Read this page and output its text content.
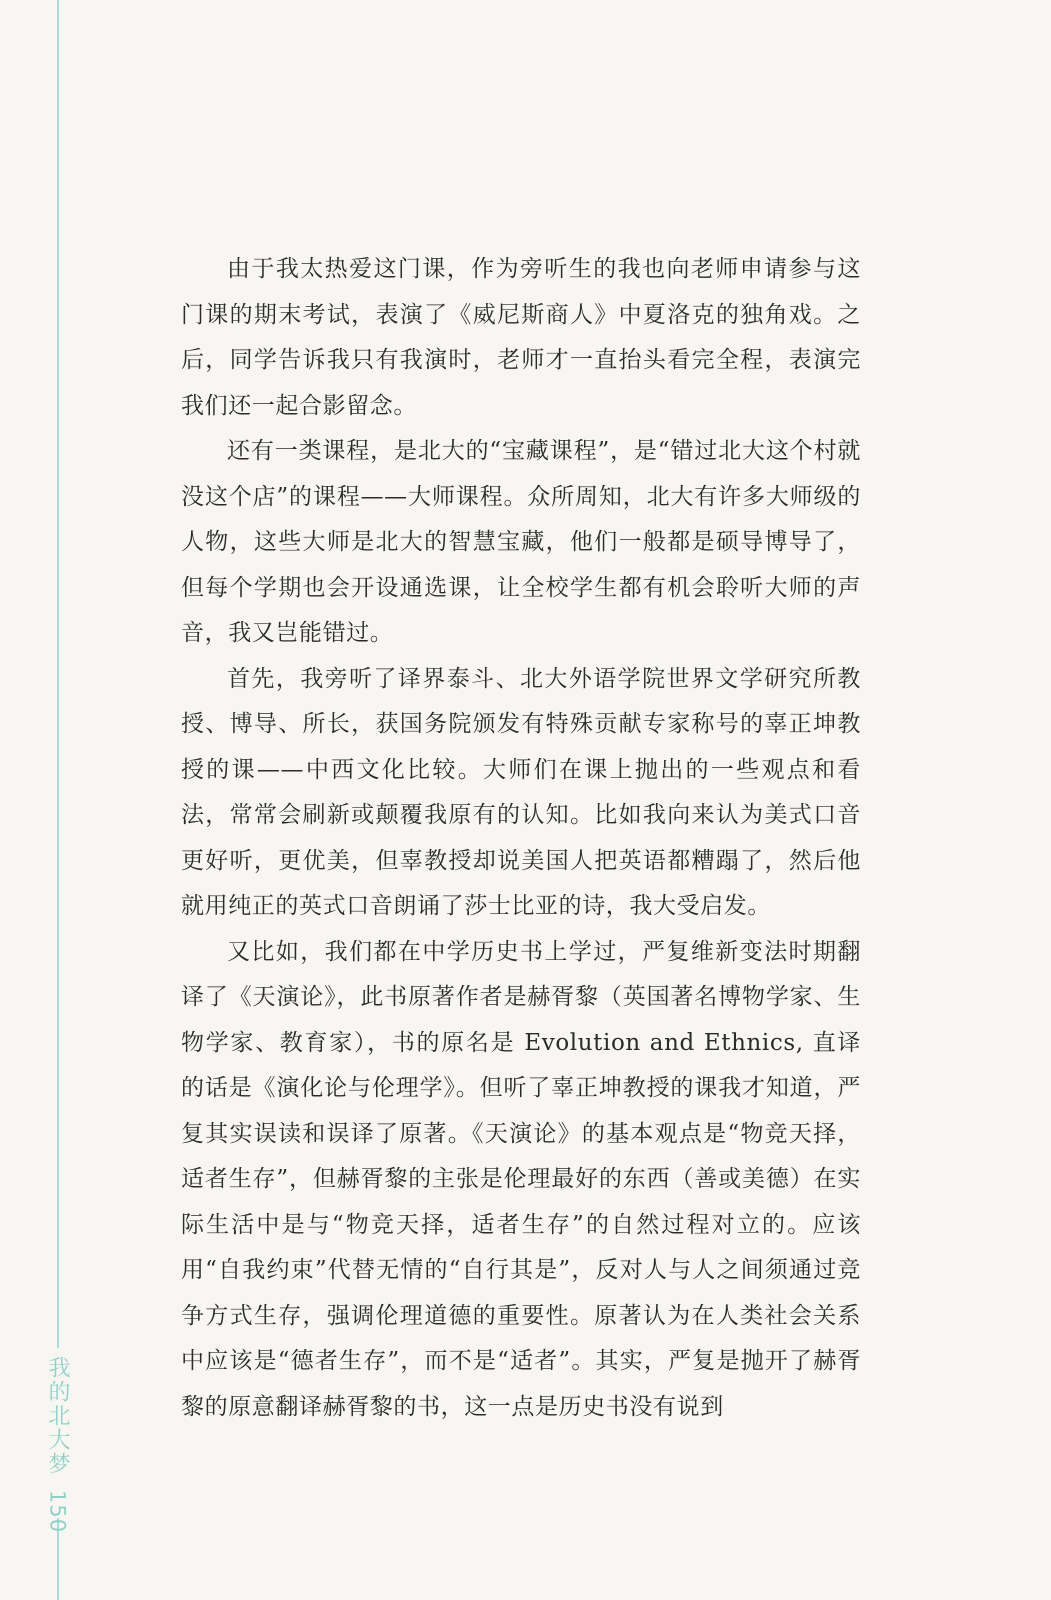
我的北大梦
150

由于我太热爱这门课，作为旁听生的我也向老师申请参与这门课的期末考试，表演了《威尼斯商人》中夏洛克的独角戏。之后，同学告诉我只有我演时，老师才一直抬头看完全程，表演完我们还一起合影留念。

还有一类课程，是北大的“宝藏课程”，是“错过北大这个村就没这个店”的课程——大师课程。众所周知，北大有许多大师级的人物，这些大师是北大的智慧宝藏，他们一般都是硕导博导了，但每个学期也会开设通选课，让全校学生都有机会聆听大师的声音，我又岂能错过。

首先，我旁听了译界泰斗、北大外语学院世界文学研究所教授、博导、所长，获国务院颁发有特殊贡献专家称号的辜正坤教授的课——中西文化比较。大师们在课上抛出的一些观点和看法，常常会刷新或颠覆我原有的认知。比如我向来认为美式口音更好听，更优美，但辜教授却说美国人把英语都糟蹋了，然后他就用纯正的英式口音朗诵了莎士比亚的诗，我大受启发。

又比如，我们都在中学历史书上学过，严复维新变法时期翻译了《天演论》，此书原著作者是赫胥黎（英国著名博物学家、生物学家、教育家），书的原名是 Evolution and Ethnics, 直译的话是《演化论与伦理学》。但听了辜正坤教授的课我才知道，严复其实误读和误译了原著。《天演论》的基本观点是“物竞天择，适者生存”，但赫胥黎的主张是伦理最好的东西（善或美德）在实际生活中是与“物竞天择，适者生存”的自然过程对立的。应该用“自我约束”代替无情的“自行其是”，反对人与人之间须通过竞争方式生存，强调伦理道德的重要性。原著认为在人类社会关系中应该是“德者生存”，而不是“适者”。其实，严复是抛开了赫胥黎的原意翻译赫胥黎的书，这一点是历史书没有说到
